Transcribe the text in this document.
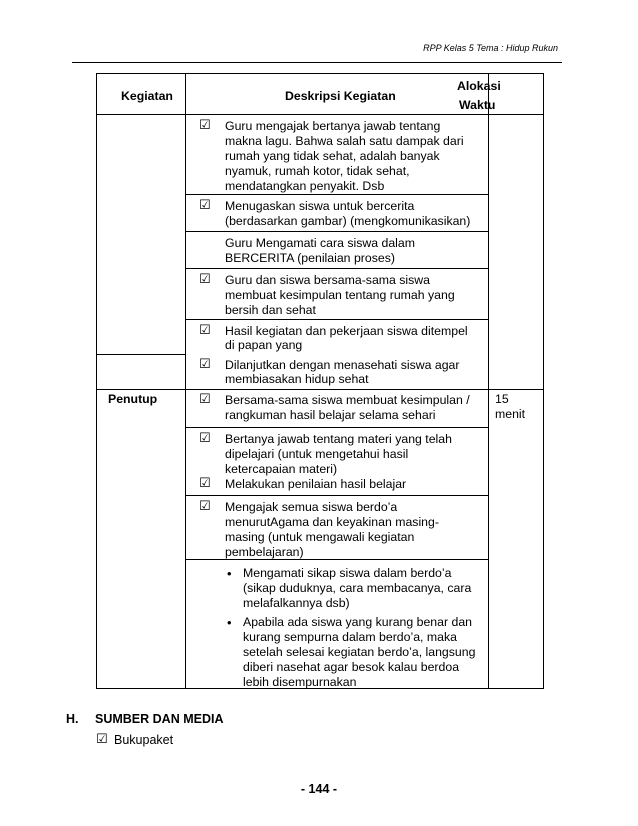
RPP Kelas 5 Tema : Hidup Rukun
Kegiatan	Deskripsi Kegiatan
Alokasi
Waktu
☑ Guru mengajak bertanya jawab tentang
makna lagu. Bahwa salah satu dampak dari
rumah yang tidak sehat, adalah banyak
nyamuk, rumah kotor, tidak sehat,
mendatangkan penyakit. Dsb
☑ Menugaskan siswa untuk bercerita
(berdasarkan gambar) (mengkomunikasikan)
Guru Mengamati cara siswa dalam
BERCERITA (penilaian proses)
☑ Guru dan siswa bersama-sama siswa
membuat kesimpulan tentang rumah yang
bersih dan sehat
☑ Hasil kegiatan dan pekerjaan siswa ditempel
di papan yang
☑ Dilanjutkan dengan menasehati siswa agar
membiasakan hidup sehat
Penutup	15
menit
☑ Bersama-sama siswa membuat kesimpulan /
rangkuman hasil belajar selama sehari
☑ Bertanya jawab tentang materi yang telah
dipelajari (untuk mengetahui hasil
ketercapaian materi)
☑ Melakukan penilaian hasil belajar
☑ Mengajak semua siswa berdo’a
menurutAgama dan keyakinan masing-
masing (untuk mengawali kegiatan
pembelajaran)
• Mengamati sikap siswa dalam berdo’a
(sikap duduknya, cara membacanya, cara
melafalkannya dsb)
• Apabila ada siswa yang kurang benar dan
kurang sempurna dalam berdo’a, maka
setelah selesai kegiatan berdo’a, langsung
diberi nasehat agar besok kalau berdoa
lebih disempurnakan
H. SUMBER DAN MEDIA
☑ Bukupaket
- 144 -
